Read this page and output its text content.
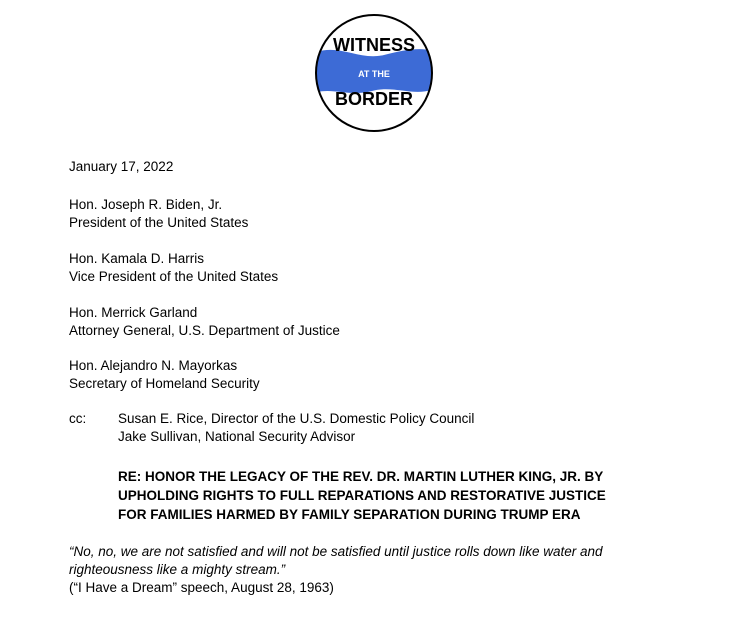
WITNESS
AT THE
BORDER
January 17, 2022
Hon. Joseph R. Biden, Jr.
President of the United States
Hon. Kamala D. Harris
Vice President of the United States
Hon. Merrick Garland
Attorney General, U.S. Department of Justice
Hon. Alejandro N. Mayorkas
Secretary of Homeland Security
cc: Susan E. Rice, Director of the U.S. Domestic Policy Council
Jake Sullivan, National Security Advisor
RE: HONOR THE LEGACY OF THE REV. DR. MARTIN LUTHER KING, JR. BY
UPHOLDING RIGHTS TO FULL REPARATIONS AND RESTORATIVE JUSTICE
FOR FAMILIES HARMED BY FAMILY SEPARATION DURING TRUMP ERA
“No, no, we are not satisfied and will not be satisfied until justice rolls down like water and
righteousness like a mighty stream.”
(“I Have a Dream” speech, August 28, 1963)
